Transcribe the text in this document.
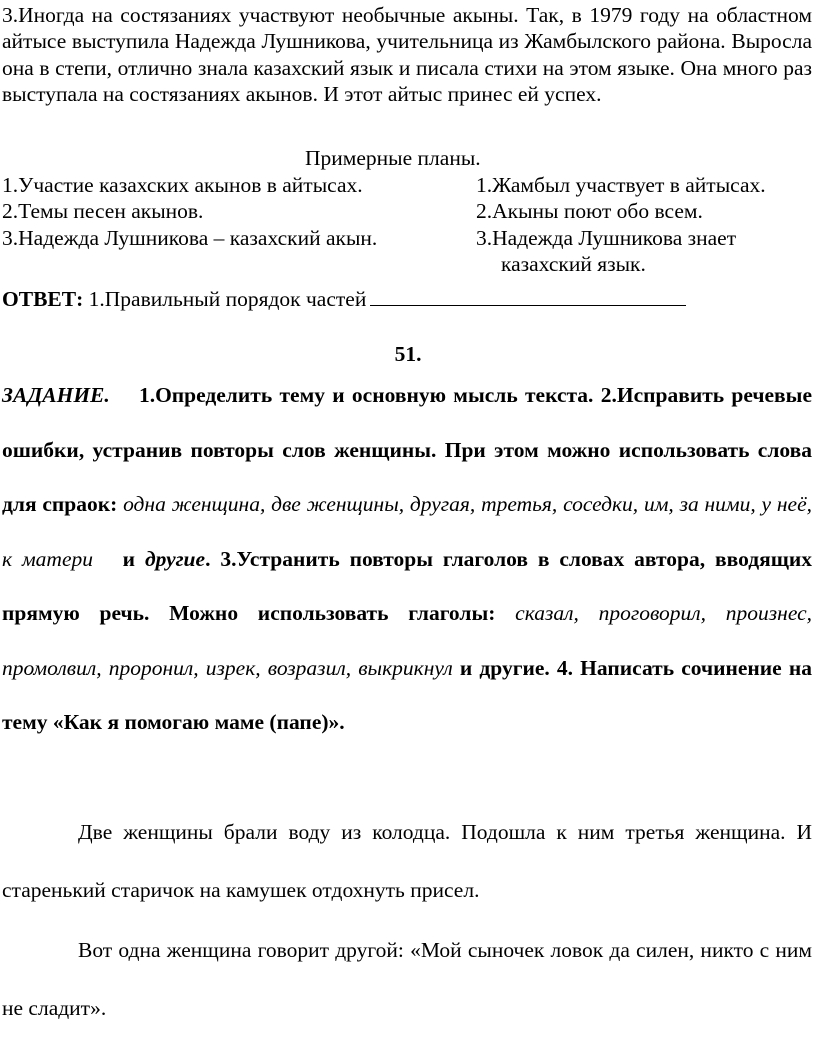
3.Иногда на состязаниях участвуют необычные акыны. Так, в 1979 году на областном айтысе выступила Надежда Лушникова, учительница из Жамбылского района. Выросла она в степи, отлично знала казахский язык и писала стихи на этом языке. Она много раз выступала на состязаниях акынов. И этот айтыс принес ей успех.

Примерные планы.
1.Участие казахских акынов в айтысах.
2.Темы песен акынов.
3.Надежда Лушникова – казахский акын.
1.Жамбыл участвует в айтысах.
2.Акыны поют обо всем.
3.Надежда Лушникова знает
казахский язык.
ОТВЕТ: 1.Правильный порядок частей
51.

ЗАДАНИЕ. 1.Определить тему и основную мысль текста. 2.Исправить речевые ошибки, устранив повторы слов женщины. При этом можно использовать слова для спраок: одна женщина, две женщины, другая, третья, соседки, им, за ними, у неё, к матери и другие. 3.Устранить повторы глаголов в словах автора, вводящих прямую речь. Можно использовать глаголы: сказал, проговорил, произнес, промолвил, проронил, изрек, возразил, выкрикнул и другие. 4. Написать сочинение на тему «Как я помогаю маме (папе)».

Две женщины брали воду из колодца. Подошла к ним третья женщина. И старенький старичок на камушек отдохнуть присел.

Вот одна женщина говорит другой: «Мой сыночек ловок да силен, никто с ним не сладит».
